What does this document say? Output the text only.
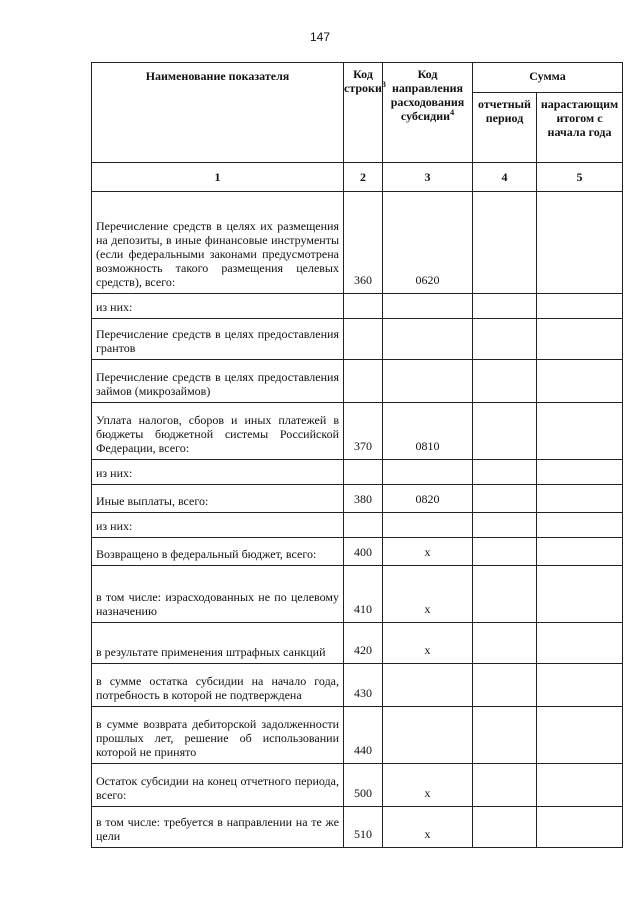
147
Наименование показателя	Код строки$^3$	Код направления расходования субсидии$^4$	Сумма	
			отчетный период	нарастающим итогом с начала года
1	2	3	4	5
Перечисление средств в целях их размещения на депозиты, в иные финансовые инструменты (если федеральными законами предусмотрена возможность такого размещения целевых средств), всего:	360	0620		
из них:				
Перечисление средств в целях предоставления грантов				
Перечисление средств в целях предоставления займов (микрозаймов)				
Уплата налогов, сборов и иных платежей в бюджеты бюджетной системы Российской Федерации, всего:	370	0810		
из них:				
Иные выплаты, всего:	380	0820		
из них:				
Возвращено в федеральный бюджет, всего:	400	x		
в том числе: израсходованных не по целевому назначению	410	x		
в результате применения штрафных санкций	420	x		
в сумме остатка субсидии на начало года, потребность в которой не подтверждена	430			
в сумме возврата дебиторской задолженности прошлых лет, решение об использовании которой не принято	440			
Остаток субсидии на конец отчетного периода, всего:	500	x		
в том числе: требуется в направлении на те же цели	510	x		
